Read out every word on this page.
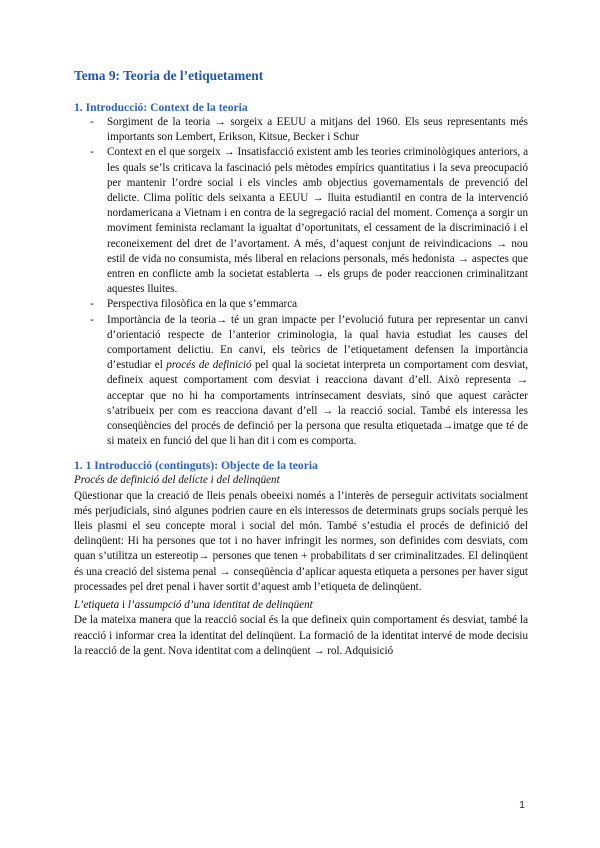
Tema 9: Teoria de l’etiquetament
1. Introducció: Context de la teoria
- Sorgiment de la teoria → sorgeix a EEUU a mitjans del 1960. Els seus representants més importants son Lembert, Erikson, Kitsue, Becker i Schur
- Context en el que sorgeix → Insatisfacció existent amb les teories criminològiques anteriors, a les quals se’ls criticava la fascinació pels mètodes empírics quantitatius i la seva preocupació per mantenir l’ordre social i els vincles amb objectius governamentals de prevenció del delicte. Clima polític dels seixanta a EEUU → lluita estudiantil en contra de la intervenció nordamericana a Vietnam i en contra de la segregació racial del moment. Comença a sorgir un moviment feminista reclamant la igualtat d’oportunitats, el cessament de la discriminació i el reconeixement del dret de l’avortament. A més, d’aquest conjunt de reivindicacions → nou estil de vida no consumista, més liberal en relacions personals, més hedonista → aspectes que entren en conflicte amb la societat establerta → els grups de poder reaccionen criminalitzant aquestes lluites.
- Perspectiva filosòfica en la que s’emmarca
- Importància de la teoria→ té un gran impacte per l’evolució futura per representar un canvi d’orientació respecte de l’anterior criminologia, la qual havia estudiat les causes del comportament delictiu. En canvi, els teòrics de l’etiquetament defensen la importància d’estudiar el procés de definició pel qual la societat interpreta un comportament com desviat, defineix aquest comportament com desviat i reacciona davant d’ell. Això representa → acceptar que no hi ha comportaments intrínsecament desviats, sinó que aquest caràcter s’atribueix per com es reacciona davant d’ell → la reacció social. També els interessa les conseqüències del procés de definció per la persona que resulta etiquetada→imatge que té de si mateix en funció del que li han dit i com es comporta.
1. 1 Introducció (continguts): Objecte de la teoria

Procés de definició del delicte i del delinqüent

Qüestionar que la creació de lleis penals obeeixi només a l’interès de perseguir activitats socialment més perjudicials, sinó algunes podrien caure en els interessos de determinats grups socials perquè les lleis plasmi el seu concepte moral i social del món. També s’estudia el procés de definició del delinqüent: Hi ha persones que tot i no haver infringit les normes, son definides com desviats, com quan s’utilitza un estereotip→ persones que tenen + probabilitats d ser criminalitzades. El delinqüent és una creació del sistema penal → conseqüència d’aplicar aquesta etiqueta a persones per haver sigut processades pel dret penal i haver sortit d’aquest amb l’etiqueta de delinqüent.

L’etiqueta i l’assumpció d’una identitat de delinqüent

De la mateixa manera que la reacció social és la que defineix quin comportament és desviat, també la reacció i informar crea la identitat del delinqüent. La formació de la identitat intervé de mode decisiu la reacció de la gent. Nova identitat com a delinqüent → rol. Adquisició

1
